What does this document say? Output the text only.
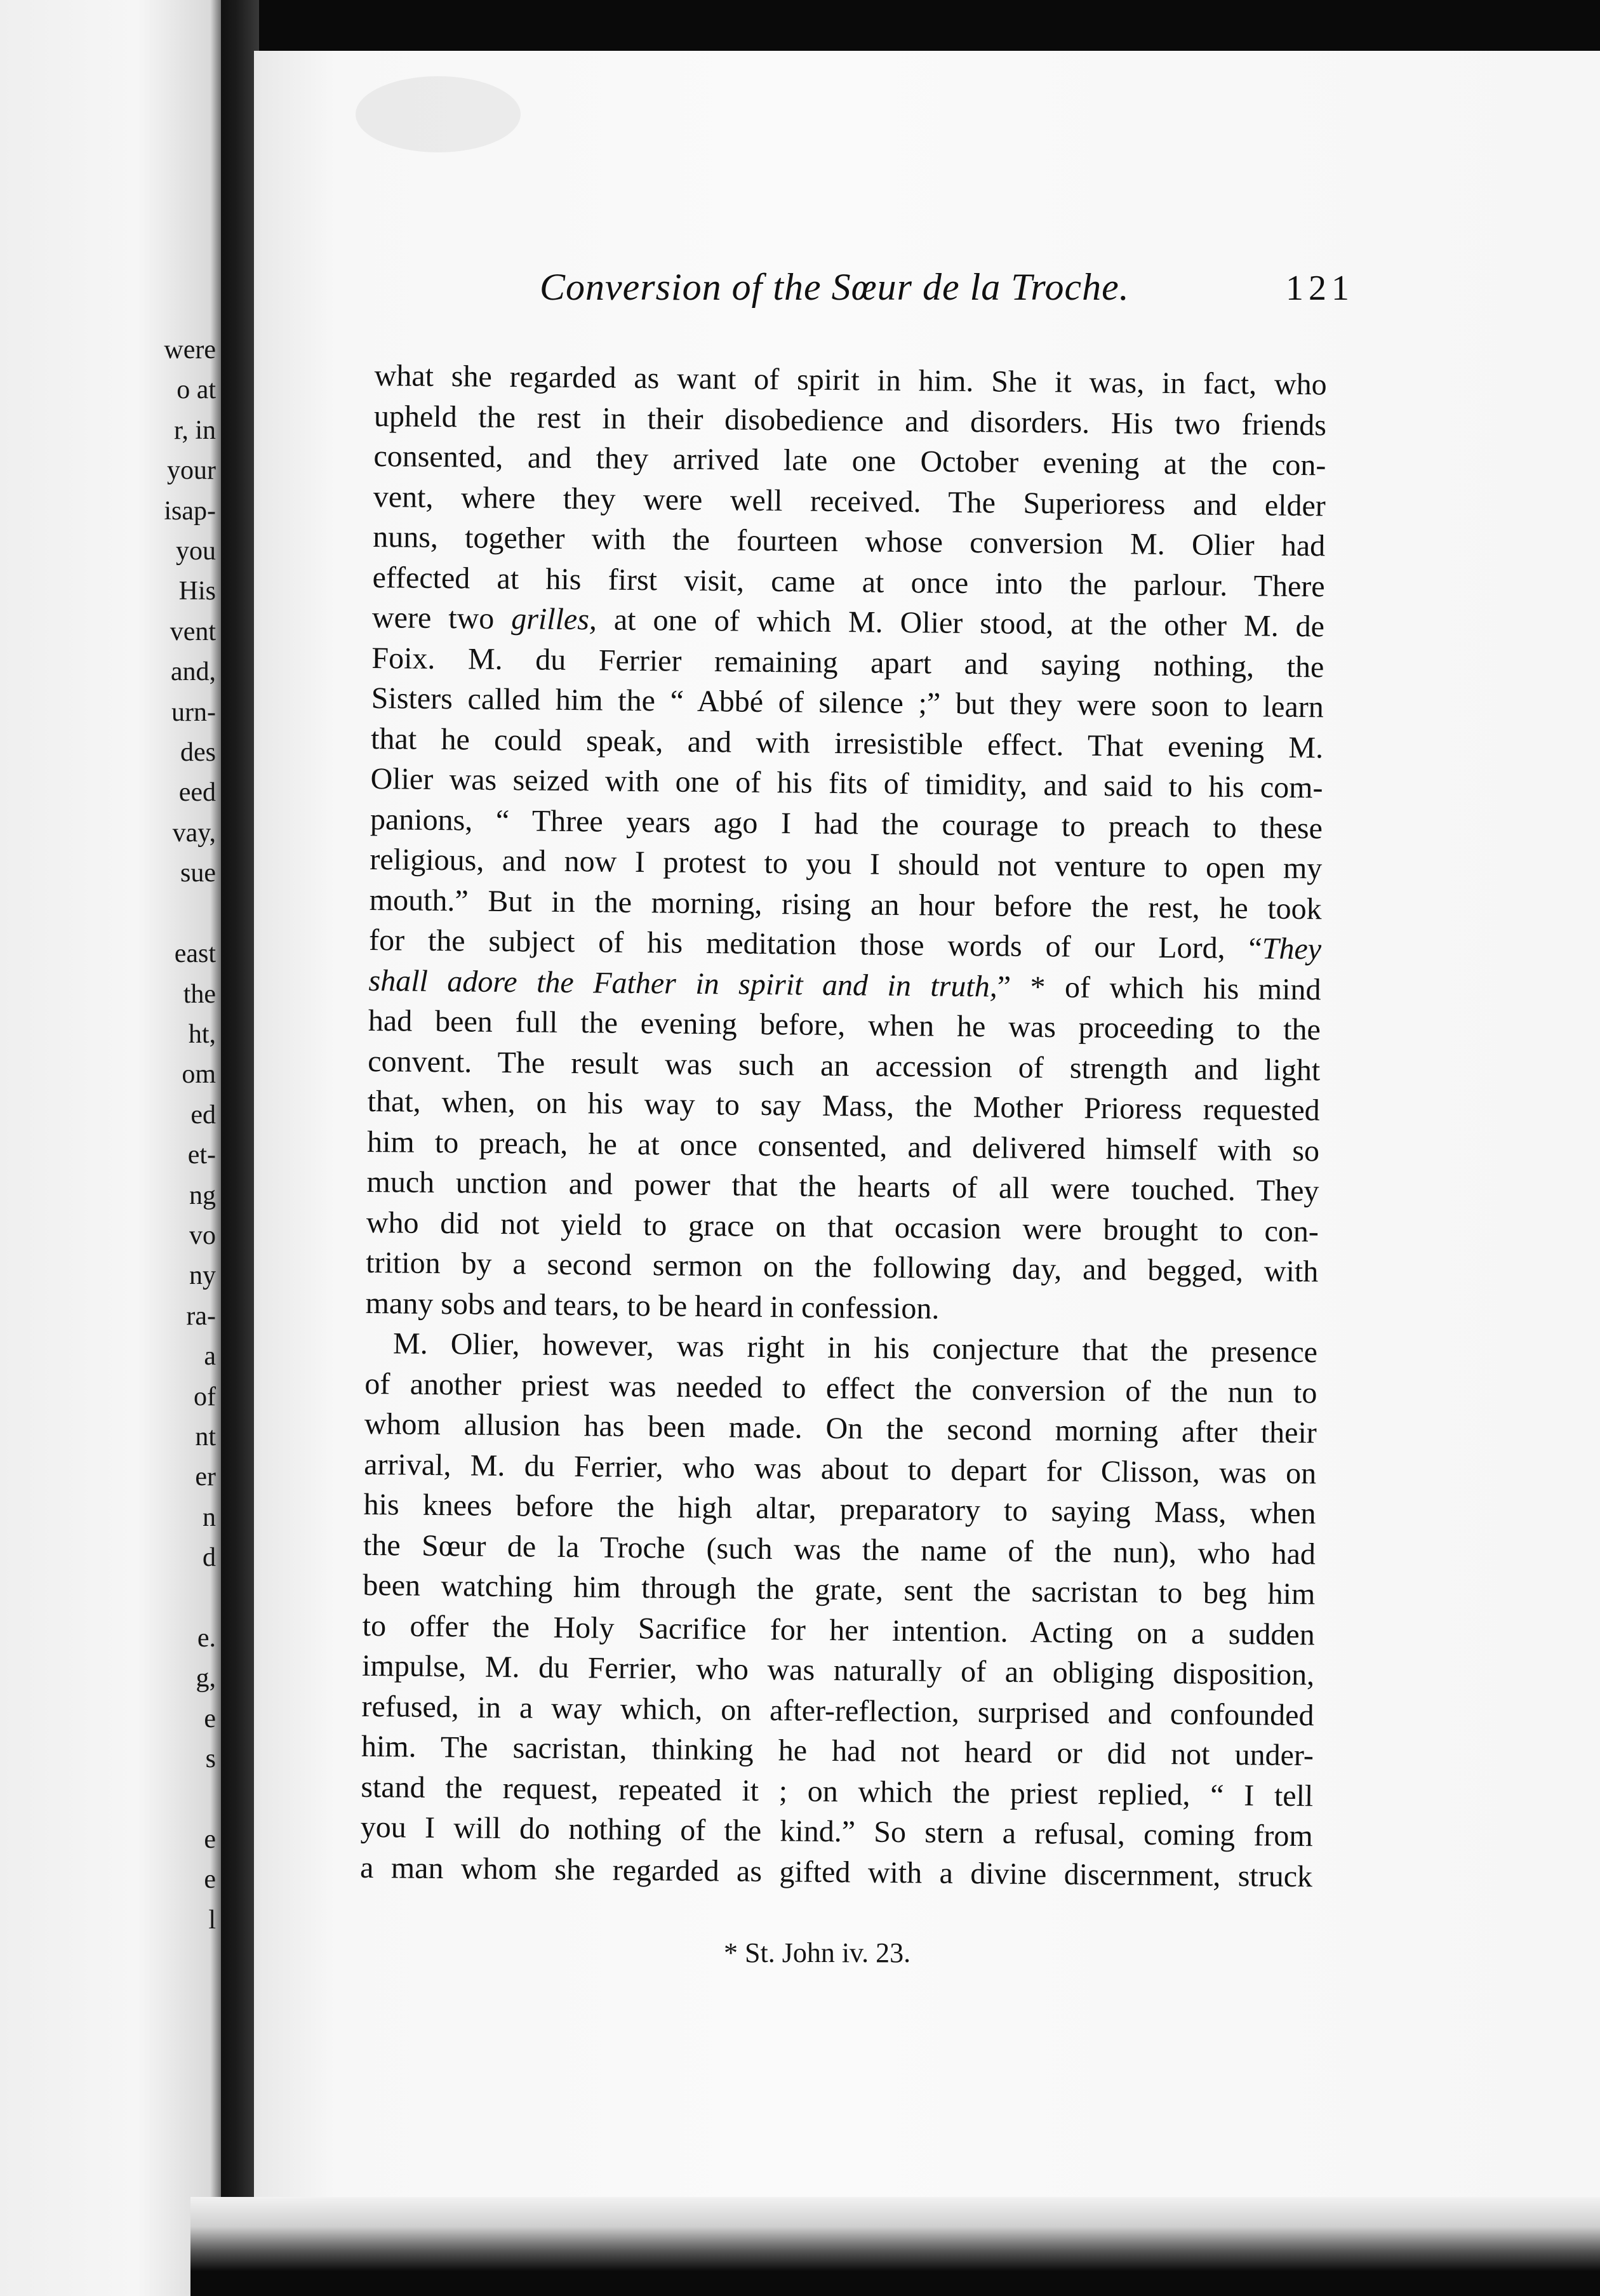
were
o at
r, in
your
isap-
you
His
vent
and,
urn-
des
eed
vay,
sue

east
the
ht,
om
ed
et-
ng
vo
ny
ra-
a
of
nt
er
n
d

e.
g,
e
s

e
e
l
Conversion of the Sœur de la Troche.	121
what she regarded as want of spirit in him. She it was, in fact, who
upheld the rest in their disobedience and disorders. His two friends
consented, and they arrived late one October evening at the con-
vent, where they were well received. The Superioress and elder
nuns, together with the fourteen whose conversion M. Olier had
effected at his first visit, came at once into the parlour. There
were two grilles, at one of which M. Olier stood, at the other M. de
Foix. M. du Ferrier remaining apart and saying nothing, the
Sisters called him the “ Abbé of silence ;” but they were soon to learn
that he could speak, and with irresistible effect. That evening M.
Olier was seized with one of his fits of timidity, and said to his com-
panions, “ Three years ago I had the courage to preach to these
religious, and now I protest to you I should not venture to open my
mouth.” But in the morning, rising an hour before the rest, he took
for the subject of his meditation those words of our Lord, “They
shall adore the Father in spirit and in truth,” * of which his mind
had been full the evening before, when he was proceeding to the
convent. The result was such an accession of strength and light
that, when, on his way to say Mass, the Mother Prioress requested
him to preach, he at once consented, and delivered himself with so
much unction and power that the hearts of all were touched. They
who did not yield to grace on that occasion were brought to con-
trition by a second sermon on the following day, and begged, with
many sobs and tears, to be heard in confession.
M. Olier, however, was right in his conjecture that the presence
of another priest was needed to effect the conversion of the nun to
whom allusion has been made. On the second morning after their
arrival, M. du Ferrier, who was about to depart for Clisson, was on
his knees before the high altar, preparatory to saying Mass, when
the Sœur de la Troche (such was the name of the nun), who had
been watching him through the grate, sent the sacristan to beg him
to offer the Holy Sacrifice for her intention. Acting on a sudden
impulse, M. du Ferrier, who was naturally of an obliging disposition,
refused, in a way which, on after-reflection, surprised and confounded
him. The sacristan, thinking he had not heard or did not under-
stand the request, repeated it ; on which the priest replied, “ I tell
you I will do nothing of the kind.” So stern a refusal, coming from
a man whom she regarded as gifted with a divine discernment, struck
* St. John iv. 23.
